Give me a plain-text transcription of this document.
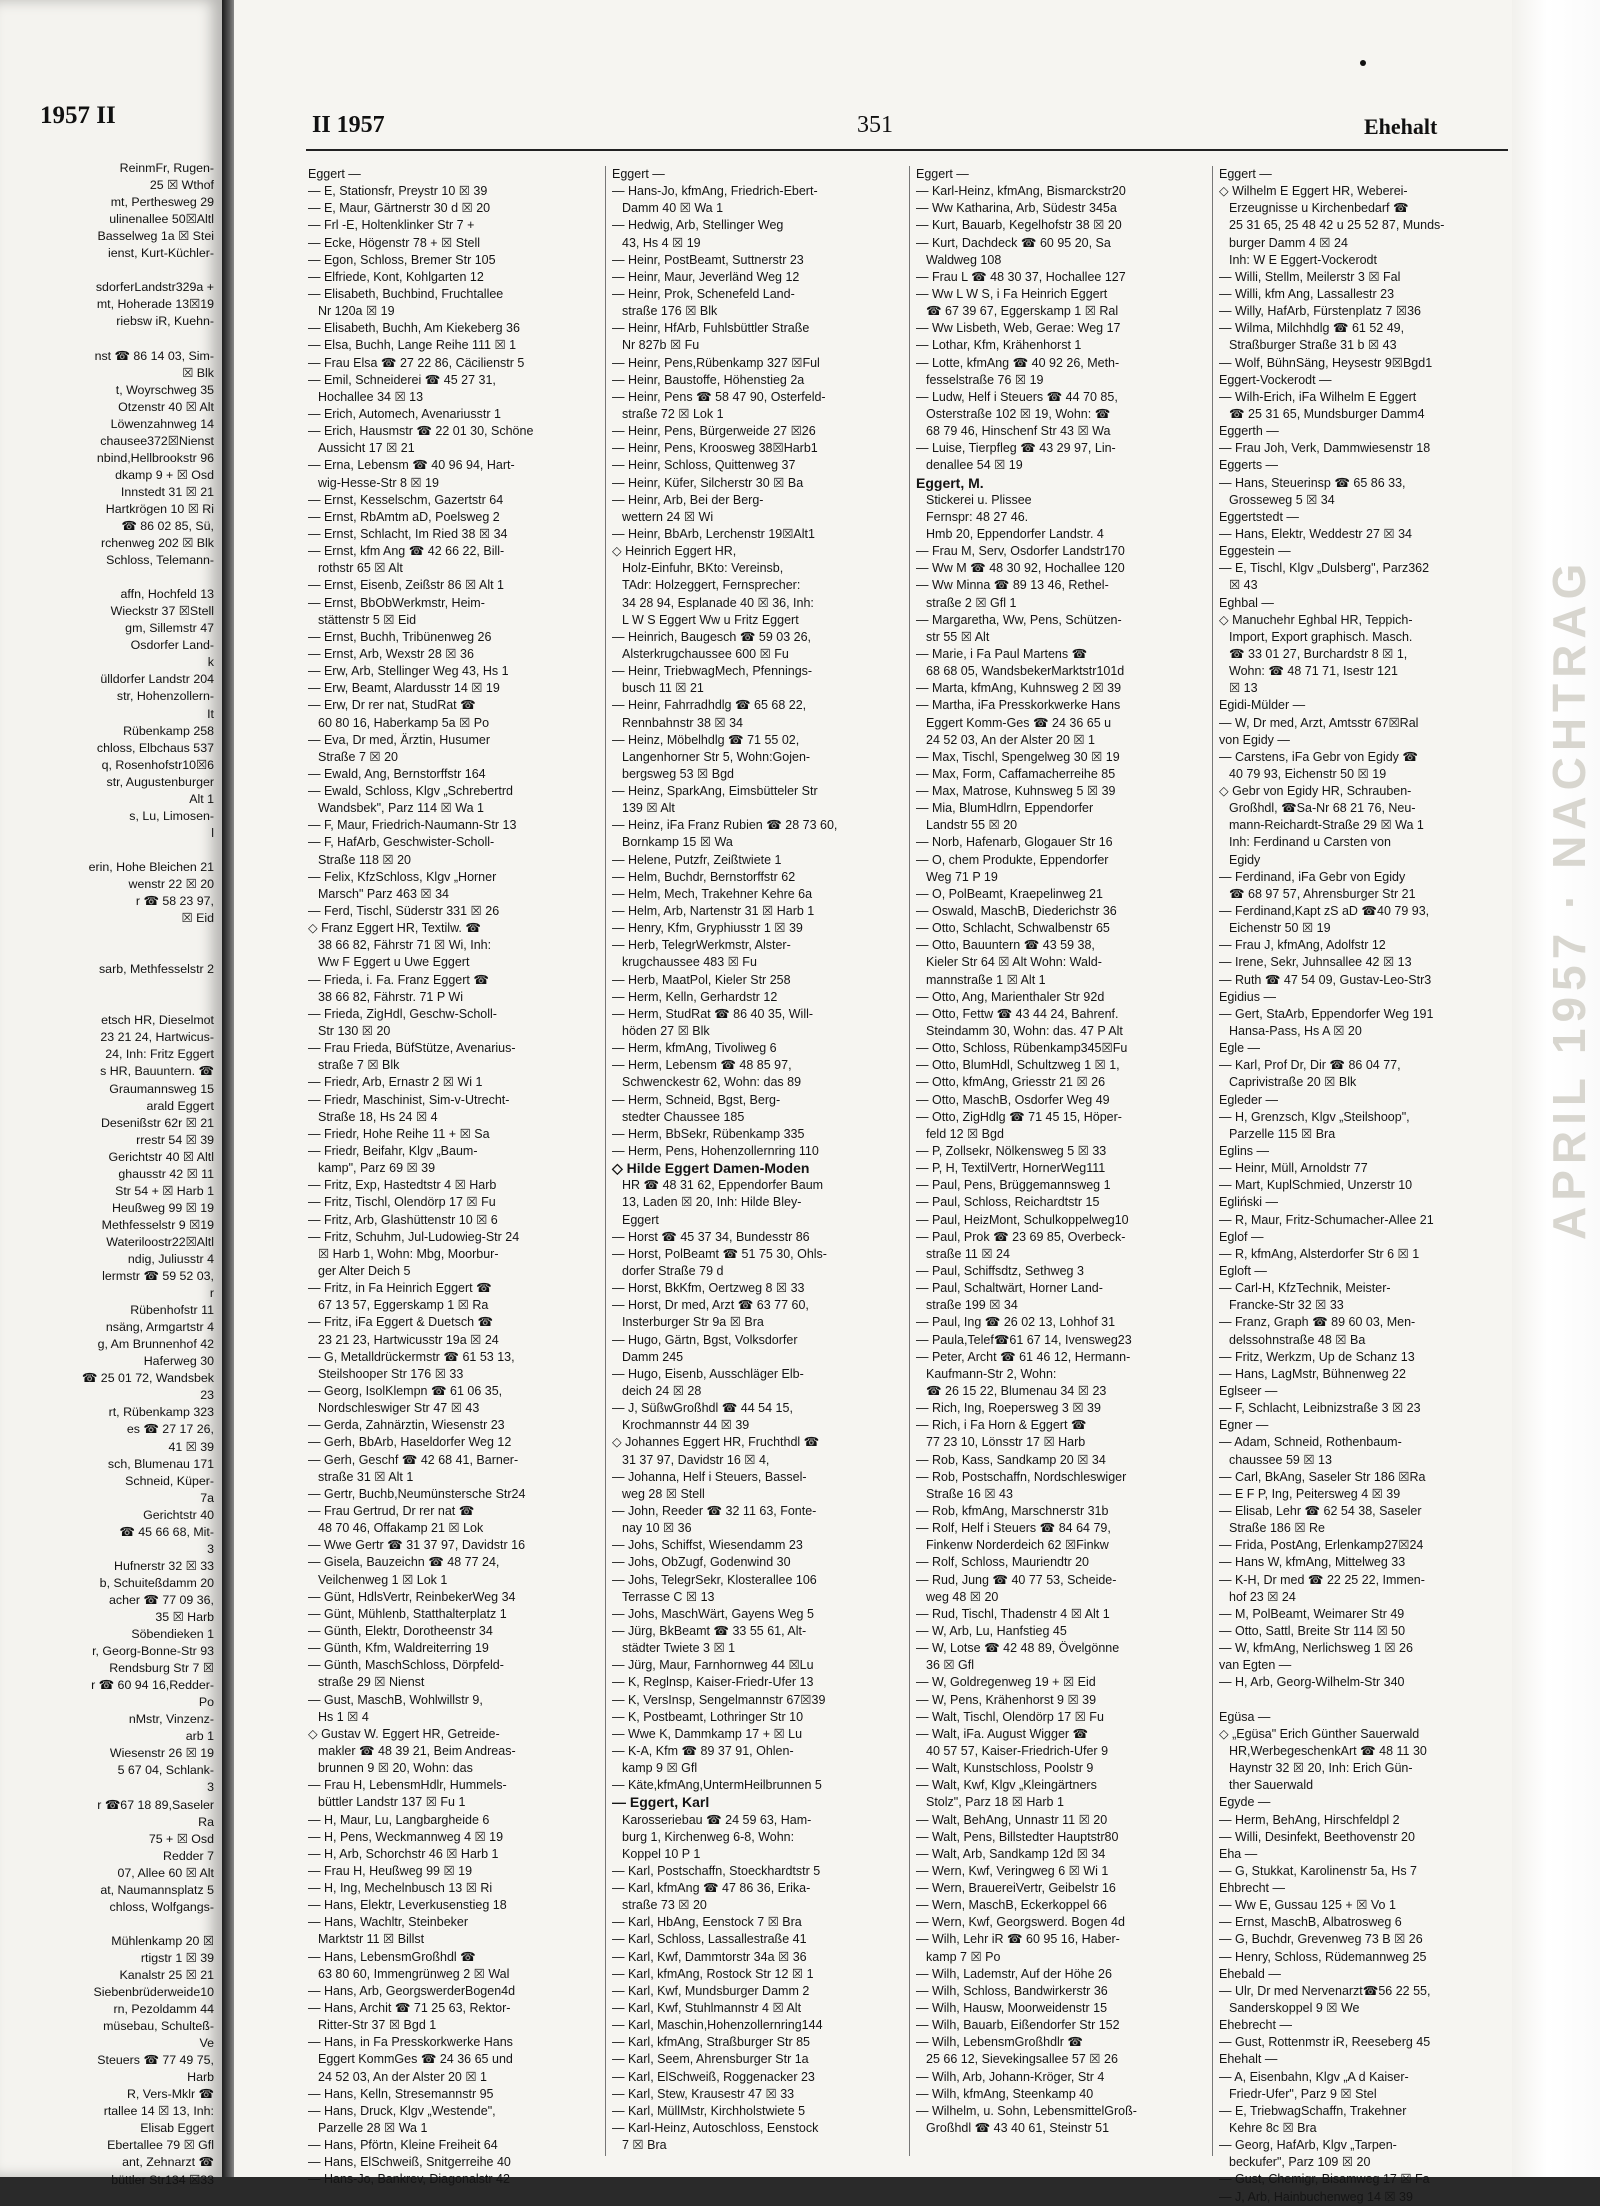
1957 II
ReinmFr, Rugen-
25 ☒ Wthof
mt, Perthesweg 29
ulinenallee 50☒Altl
Basselweg 1a ☒ Stei
ienst, Kurt-Küchler-
sdorferLandstr329a +
mt, Hoherade 13☒19
riebsw iR, Kuehn-
nst ☎ 86 14 03, Sim-
☒ Blk
t, Woyrschweg 35
Otzenstr 40 ☒ Alt
Löwenzahnweg 14
chausee372☒Nienst
nbind,Hellbrookstr 96
dkamp 9 + ☒ Osd
Innstedt 31 ☒ 21
Hartkrögen 10 ☒ Ri
☎ 86 02 85, Sü,
rchenweg 202 ☒ Blk
Schloss, Telemann-
affn, Hochfeld 13
Wieckstr 37 ☒Stell
gm, Sillemstr 47
Osdorfer Land-
k
ülldorfer Landstr 204
str, Hohenzollern-
It
Rübenkamp 258
chloss, Elbchaus 537
q, Rosenhofstr10☒6
str, Augustenburger
Alt 1
s, Lu, Limosen-
l
erin, Hohe Bleichen 21
wenstr 22 ☒ 20
r ☎ 58 23 97,
☒ Eid
sarb, Methfesselstr 2
etsch HR, Dieselmot
23 21 24, Hartwicus-
24, Inh: Fritz Eggert
s HR, Bauuntern. ☎
Graumannsweg 15
arald Eggert
Desenißstr 62r ☒ 21
rrestr 54 ☒ 39
Gerichtstr 40 ☒ Altl
ghausstr 42 ☒ 11
Str 54 + ☒ Harb 1
Heußweg 99 ☒ 19
Methfesselstr 9 ☒19
Wateriloostr22☒Altl
ndig, Juliusstr 4
lermstr ☎ 59 52 03,
r
Rübenhofstr 11
nsäng, Armgartstr 4
g, Am Brunnenhof 42
Haferweg 30
☎ 25 01 72, Wandsbek
23
rt, Rübenkamp 323
es ☎ 27 17 26,
41 ☒ 39
sch, Blumenau 171
Schneid, Küper-
7a
Gerichtstr 40
☎ 45 66 68, Mit-
3
Hufnerstr 32 ☒ 33
b, Schuiteßdamm 20
acher ☎ 77 09 36,
35 ☒ Harb
Söbendieken 1
r, Georg-Bonne-Str 93
Rendsburg Str 7 ☒
r ☎ 60 94 16,Redder-
Po
nMstr, Vinzenz-
arb 1
Wiesenstr 26 ☒ 19
5 67 04, Schlank-
3
r ☎67 18 89,Saseler
Ra
75 + ☒ Osd
Redder 7
07, Allee 60 ☒ Alt
at, Naumannsplatz 5
chloss, Wolfgangs-
Mühlenkamp 20 ☒
rtigstr 1 ☒ 39
Kanalstr 25 ☒ 21
Siebenbrüderweide10
rn, Pezoldamm 44
müsebau, Schulteß-
Ve
Steuers ☎ 77 49 75,
Harb
R, Vers-Mklr ☎
rtallee 14 ☒ 13, Inh:
Elisab Eggert
Ebertallee 79 ☒ Gfl
ant, Zehnarzt ☎
büttler Str134 ☒33
II 1957	351	Ehehalt
Eggert —
— E, Stationsfr, Preystr 10 ☒ 39
— E, Maur, Gärtnerstr 30 d ☒ 20
— Frl -E, Holtenklinker Str 7 +
— Ecke, Högenstr 78 + ☒ Stell
— Egon, Schloss, Bremer Str 105
— Elfriede, Kont, Kohlgarten 12
— Elisabeth, Buchbind, Fruchtallee
Nr 120a ☒ 19
— Elisabeth, Buchh, Am Kiekeberg 36
— Elsa, Buchh, Lange Reihe 111 ☒ 1
— Frau Elsa ☎ 27 22 86, Cäcilienstr 5
— Emil, Schneiderei ☎ 45 27 31,
Hochallee 34 ☒ 13
— Erich, Automech, Avenariusstr 1
— Erich, Hausmstr ☎ 22 01 30, Schöne
Aussicht 17 ☒ 21
— Erna, Lebensm ☎ 40 96 94, Hart-
wig-Hesse-Str 8 ☒ 19
— Ernst, Kesselschm, Gazertstr 64
— Ernst, RbAmtm aD, Poelsweg 2
— Ernst, Schlacht, Im Ried 38 ☒ 34
— Ernst, kfm Ang ☎ 42 66 22, Bill-
rothstr 65 ☒ Alt
— Ernst, Eisenb, Zeißstr 86 ☒ Alt 1
— Ernst, BbObWerkmstr, Heim-
stättenstr 5 ☒ Eid
— Ernst, Buchh, Tribünenweg 26
— Ernst, Arb, Wexstr 28 ☒ 36
— Erw, Arb, Stellinger Weg 43, Hs 1
— Erw, Beamt, Alardusstr 14 ☒ 19
— Erw, Dr rer nat, StudRat ☎
60 80 16, Haberkamp 5a ☒ Po
— Eva, Dr med, Ärztin, Husumer
Straße 7 ☒ 20
— Ewald, Ang, Bernstorffstr 164
— Ewald, Schloss, Klgv „Schrebertrd
Wandsbek", Parz 114 ☒ Wa 1
— F, Maur, Friedrich-Naumann-Str 13
— F, HafArb, Geschwister-Scholl-
Straße 118 ☒ 20
— Felix, KfzSchloss, Klgv „Horner
Marsch" Parz 463 ☒ 34
— Ferd, Tischl, Süderstr 331 ☒ 26
◇ Franz Eggert HR, Textilw. ☎
38 66 82, Fährstr 71 ☒ Wi, Inh:
Ww F Eggert u Uwe Eggert
— Frieda, i. Fa. Franz Eggert ☎
38 66 82, Fährstr. 71 P Wi
— Frieda, ZigHdl, Geschw-Scholl-
Str 130 ☒ 20
— Frau Frieda, BüfStütze, Avenarius-
straße 7 ☒ Blk
— Friedr, Arb, Ernastr 2 ☒ Wi 1
— Friedr, Maschinist, Sim-v-Utrecht-
Straße 18, Hs 24 ☒ 4
— Friedr, Hohe Reihe 11 + ☒ Sa
— Friedr, Beifahr, Klgv „Baum-
kamp", Parz 69 ☒ 39
— Fritz, Exp, Hastedtstr 4 ☒ Harb
— Fritz, Tischl, Olendörp 17 ☒ Fu
— Fritz, Arb, Glashüttenstr 10 ☒ 6
— Fritz, Schuhm, Jul-Ludowieg-Str 24
☒ Harb 1, Wohn: Mbg, Moorbur-
ger Alter Deich 5
— Fritz, in Fa Heinrich Eggert ☎
67 13 57, Eggerskamp 1 ☒ Ra
— Fritz, iFa Eggert & Duetsch ☎
23 21 23, Hartwicusstr 19a ☒ 24
— G, Metalldrückermstr ☎ 61 53 13,
Steilshooper Str 176 ☒ 33
— Georg, IsolKlempn ☎ 61 06 35,
Nordschleswiger Str 47 ☒ 43
— Gerda, Zahnärztin, Wiesenstr 23
— Gerh, BbArb, Haseldorfer Weg 12
— Gerh, Geschf ☎ 42 68 41, Barner-
straße 31 ☒ Alt 1
— Gertr, Buchb,Neumünsterschе Str24
— Frau Gertrud, Dr rer nat ☎
48 70 46, Offakamp 21 ☒ Lok
— Wwe Gertr ☎ 31 37 97, Davidstr 16
— Gisela, Bauzeichn ☎ 48 77 24,
Veilchenweg 1 ☒ Lok 1
— Günt, HdlsVertr, ReinbekerWeg 34
— Günt, Mühlenb, Statthalterplatz 1
— Günth, Elektr, Dorotheenstr 34
— Günth, Kfm, Waldreiterring 19
— Günth, MaschSchloss, Dörpfeld-
straße 29 ☒ Nienst
— Gust, MaschB, Wohlwillstr 9,
Hs 1 ☒ 4
◇ Gustav W. Eggert HR, Getreide-
makler ☎ 48 39 21, Beim Andreas-
brunnen 9 ☒ 20, Wohn: das
— Frau H, LebensmHdlr, Hummels-
büttler Landstr 137 ☒ Fu 1
— H, Maur, Lu, Langbargheide 6
— H, Pens, Weckmannweg 4 ☒ 19
— H, Arb, Schorchstr 46 ☒ Harb 1
— Frau H, Heußweg 99 ☒ 19
— H, Ing, Mechelnbusch 13 ☒ Ri
— Hans, Elektr, Leverkusenstieg 18
— Hans, Wachltr, Steinbeker
Marktstr 11 ☒ Billst
— Hans, LebensmGroßhdl ☎
63 80 60, Immengrünweg 2 ☒ Wal
— Hans, Arb, GeorgswerderBogen4d
— Hans, Archit ☎ 71 25 63, Rektor-
Ritter-Str 37 ☒ Bgd 1
— Hans, in Fa Presskorkwerke Hans
Eggert KommGes ☎ 24 36 65 und
24 52 03, An der Alster 20 ☒ 1
— Hans, Kelln, Stresemannstr 95
— Hans, Druck, Klgv „Westende",
Parzelle 28 ☒ Wa 1
— Hans, Pförtn, Kleine Freiheit 64
— Hans, ElSchweiß, Snitgerreihe 40
— Hans-Jo, Bankrev, Diagonalstr 42
Eggert —
— Hans-Jo, kfmAng, Friedrich-Ebert-
Damm 40 ☒ Wa 1
— Hedwig, Arb, Stellinger Weg
43, Hs 4 ☒ 19
— Heinr, PostBeamt, Suttnerstr 23
— Heinr, Maur, Jeverländ Weg 12
— Heinr, Prok, Schenefeld Land-
straße 176 ☒ Blk
— Heinr, HfArb, Fuhlsbüttler Straße
Nr 827b ☒ Fu
— Heinr, Pens,Rübenkamp 327 ☒Ful
— Heinr, Baustoffe, Höhenstieg 2a
— Heinr, Pens ☎ 58 47 90, Osterfeld-
straße 72 ☒ Lok 1
— Heinr, Pens, Bürgerweide 27 ☒26
— Heinr, Pens, Kroosweg 38☒Harb1
— Heinr, Schloss, Quittenweg 37
— Heinr, Küfer, Silcherstr 30 ☒ Ba
— Heinr, Arb, Bei der Berg-
wettern 24 ☒ Wi
— Heinr, BbArb, Lerchenstr 19☒Alt1
◇ Heinrich Eggert HR,
Holz-Einfuhr, BKto: Vereinsb,
TAdr: Holzeggert, Fernsprecher:
34 28 94, Esplanade 40 ☒ 36, Inh:
L W S Eggert Ww u Fritz Eggert
— Heinrich, Baugesch ☎ 59 03 26,
Alsterkrugchaussee 600 ☒ Fu
— Heinr, TriebwagMech, Pfennings-
busch 11 ☒ 21
— Heinr, Fahrradhdlg ☎ 65 68 22,
Rennbahnstr 38 ☒ 34
— Heinz, Möbelhdlg ☎ 71 55 02,
Langenhorner Str 5, Wohn:Gojen-
bergsweg 53 ☒ Bgd
— Heinz, SparkAng, Eimsbütteler Str
139 ☒ Alt
— Heinz, iFa Franz Rubien ☎ 28 73 60,
Bornkamp 15 ☒ Wa
— Helene, Putzfr, Zeißtwiete 1
— Helm, Buchdr, Bernstorffstr 62
— Helm, Mech, Trakehner Kehre 6a
— Helm, Arb, Nartenstr 31 ☒ Harb 1
— Henry, Kfm, Gryphiusstr 1 ☒ 39
— Herb, TelegrWerkmstr, Alster-
krugchaussee 483 ☒ Fu
— Herb, MaatPol, Kieler Str 258
— Herm, Kelln, Gerhardstr 12
— Herm, StudRat ☎ 86 40 35, Will-
höden 27 ☒ Blk
— Herm, kfmAng, Tivoliweg 6
— Herm, Lebensm ☎ 48 85 97,
Schwenckestr 62, Wohn: das 89
— Herm, Schneid, Bgst, Berg-
stedter Chaussee 185
— Herm, BbSekr, Rübenkamp 335
— Herm, Pens, Hohenzollernring 110
◇ Hilde Eggert Damen-Moden
HR ☎ 48 31 62, Eppendorfer Baum
13, Laden ☒ 20, Inh: Hilde Bley-
Eggert
— Horst ☎ 45 37 34, Bundesstr 86
— Horst, PolBeamt ☎ 51 75 30, Ohls-
dorfer Straße 79 d
— Horst, BkKfm, Oertzweg 8 ☒ 33
— Horst, Dr med, Arzt ☎ 63 77 60,
Insterburger Str 9a ☒ Bra
— Hugo, Gärtn, Bgst, Volksdorfer
Damm 245
— Hugo, Eisenb, Ausschläger Elb-
deich 24 ☒ 28
— J, SüßwGroßhdl ☎ 44 54 15,
Krochmannstr 44 ☒ 39
◇ Johannes Eggert HR, Fruchthdl ☎
31 37 97, Davidstr 16 ☒ 4,
— Johanna, Helf i Steuers, Bassel-
weg 28 ☒ Stell
— John, Reeder ☎ 32 11 63, Fonte-
nay 10 ☒ 36
— Johs, Schiffst, Wiesendamm 23
— Johs, ObZugf, Godenwind 30
— Johs, TelegrSekr, Klosterallee 106
Terrasse C ☒ 13
— Johs, MaschWärt, Gayens Weg 5
— Jürg, BkBeamt ☎ 33 55 61, Alt-
städter Twiete 3 ☒ 1
— Jürg, Maur, Farnhornweg 44 ☒Lu
— K, Reglnsp, Kaiser-Friedr-Ufer 13
— K, VersInsp, Sengelmannstr 67☒39
— K, Postbeamt, Lothringer Str 10
— Wwe K, Dammkamp 17 + ☒ Lu
— K-A, Kfm ☎ 89 37 91, Ohlen-
kamp 9 ☒ Gfl
— Käte,kfmAng,UntermHeilbrunnen 5
— Eggert, Karl
Karosseriebau ☎ 24 59 63, Ham-
burg 1, Kirchenweg 6-8, Wohn:
Koppel 10 P 1
— Karl, Postschaffn, Stoeckhardtstr 5
— Karl, kfmAng ☎ 47 86 36, Erika-
straße 73 ☒ 20
— Karl, HbAng, Eenstock 7 ☒ Bra
— Karl, Schloss, Lassallestraße 41
— Karl, Kwf, Dammtorstr 34a ☒ 36
— Karl, kfmAng, Rostock Str 12 ☒ 1
— Karl, Kwf, Mundsburger Damm 2
— Karl, Kwf, Stuhlmannstr 4 ☒ Alt
— Karl, Maschin,Hohenzollernring144
— Karl, kfmAng, Straßburger Str 85
— Karl, Seem, Ahrensburger Str 1a
— Karl, ElSchweiß, Roggenacker 23
— Karl, Stew, Krausestr 47 ☒ 33
— Karl, MüllMstr, Kirchholstwiete 5
— Karl-Heinz, Autoschloss, Eenstock
7 ☒ Bra
Eggert —
— Karl-Heinz, kfmAng, Bismarckstr20
— Ww Katharina, Arb, Südestr 345a
— Kurt, Bauarb, Kegelhofstr 38 ☒ 20
— Kurt, Dachdeck ☎ 60 95 20, Sa
Waldweg 108
— Frau L ☎ 48 30 37, Hochallee 127
— Ww L W S, i Fa Heinrich Eggert
☎ 67 39 67, Eggerskamp 1 ☒ Ral
— Ww Lisbeth, Web, Gerae: Weg 17
— Lothar, Kfm, Krähenhorst 1
— Lotte, kfmAng ☎ 40 92 26, Meth-
fesselstraße 76 ☒ 19
— Ludw, Helf i Steuers ☎ 44 70 85,
Osterstraße 102 ☒ 19, Wohn: ☎
68 79 46, Hinschenf Str 43 ☒ Wa
— Luise, Tierpfleg ☎ 43 29 97, Lin-
denallee 54 ☒ 19
Eggert, M.
Stickerei u. Plissee
Fernspr: 48 27 46.
Hmb 20, Eppendorfer Landstr. 4
— Frau M, Serv, Osdorfer Landstr170
— Ww M ☎ 48 30 92, Hochallee 120
— Ww Minna ☎ 89 13 46, Rethel-
straße 2 ☒ Gfl 1
— Margaretha, Ww, Pens, Schützen-
str 55 ☒ Alt
— Marie, i Fa Paul Martens ☎
68 68 05, WandsbekerMarktstr101d
— Marta, kfmAng, Kuhnsweg 2 ☒ 39
— Martha, iFa Presskorkwerke Hans
Eggert Komm-Ges ☎ 24 36 65 u
24 52 03, An der Alster 20 ☒ 1
— Max, Tischl, Spengelweg 30 ☒ 19
— Max, Form, Caffamacherreihe 85
— Max, Matrose, Kuhnsweg 5 ☒ 39
— Mia, BlumHdlrn, Eppendorfer
Landstr 55 ☒ 20
— Norb, Hafenarb, Glogauer Str 16
— O, chem Produkte, Eppendorfer
Weg 71 P 19
— O, PolBeamt, Kraepelinweg 21
— Oswald, MaschB, Diederichstr 36
— Otto, Schlacht, Schwalbenstr 65
— Otto, Bauuntern ☎ 43 59 38,
Kieler Str 64 ☒ Alt Wohn: Wald-
mannstraße 1 ☒ Alt 1
— Otto, Ang, Marienthaler Str 92d
— Otto, Fettw ☎ 43 44 24, Bahrenf.
Steindamm 30, Wohn: das. 47 P Alt
— Otto, Schloss, Rübenkamp345☒Fu
— Otto, BlumHdl, Schultzweg 1 ☒ 1,
— Otto, kfmAng, Griesstr 21 ☒ 26
— Otto, MaschB, Osdorfer Weg 49
— Otto, ZigHdlg ☎ 71 45 15, Höper-
feld 12 ☒ Bgd
— P, Zollsekr, Nölkensweg 5 ☒ 33
— P, H, TextilVertr, HornerWeg111
— Paul, Pens, Brüggemannsweg 1
— Paul, Schloss, Reichardtstr 15
— Paul, HeizMont, Schulkoppelweg10
— Paul, Prok ☎ 23 69 85, Overbeck-
straße 11 ☒ 24
— Paul, Schiffsdtz, Sethweg 3
— Paul, Schaltwärt, Horner Land-
straße 199 ☒ 34
— Paul, Ing ☎ 26 02 13, Lohhof 31
— Paula,Telef☎61 67 14, Ivensweg23
— Peter, Archt ☎ 61 46 12, Hermann-
Kaufmann-Str 2, Wohn:
☎ 26 15 22, Blumenau 34 ☒ 23
— Rich, Ing, Roepersweg 3 ☒ 39
— Rich, i Fa Horn & Eggert ☎
77 23 10, Lönsstr 17 ☒ Harb
— Rob, Kass, Sandkamp 20 ☒ 34
— Rob, Postschaffn, Nordschleswiger
Straße 16 ☒ 43
— Rob, kfmAng, Marschnerstr 31b
— Rolf, Helf i Steuers ☎ 84 64 79,
Finkenw Norderdeich 62 ☒Finkw
— Rolf, Schloss, Mauriendtr 20
— Rud, Jung ☎ 40 77 53, Scheide-
weg 48 ☒ 20
— Rud, Tischl, Thadenstr 4 ☒ Alt 1
— W, Arb, Lu, Hanfstieg 45
— W, Lotse ☎ 42 48 89, Övelgönne
36 ☒ Gfl
— W, Goldregenweg 19 + ☒ Eid
— W, Pens, Krähenhorst 9 ☒ 39
— Walt, Tischl, Olendörp 17 ☒ Fu
— Walt, iFa. August Wigger ☎
40 57 57, Kaiser-Friedrich-Ufer 9
— Walt, Kunstschloss, Poolstr 9
— Walt, Kwf, Klgv „Kleingärtners
Stolz", Parz 18 ☒ Harb 1
— Walt, BehAng, Unnastr 11 ☒ 20
— Walt, Pens, Billstedter Hauptstr80
— Walt, Arb, Sandkamp 12d ☒ 34
— Wern, Kwf, Veringweg 6 ☒ Wi 1
— Wern, BrauereiVertr, Geibelstr 16
— Wern, MaschB, Eckerkoppel 66
— Wern, Kwf, Georgswerd. Bogen 4d
— Wilh, Lehr iR ☎ 60 95 16, Haber-
kamp 7 ☒ Po
— Wilh, Lademstr, Auf der Höhe 26
— Wilh, Schloss, Bandwirkerstr 36
— Wilh, Hausw, Moorweidenstr 15
— Wilh, Bauarb, Eißendorfer Str 152
— Wilh, LebensmGroßhdlr ☎
25 66 12, Sievekingsallee 57 ☒ 26
— Wilh, Arb, Johann-Kröger, Str 4
— Wilh, kfmAng, Steenkamp 40
— Wilhelm, u. Sohn, LebensmittelGroß-
Großhdl ☎ 43 40 61, Steinstr 51
Eggert —
◇ Wilhelm E Eggert HR, Weberei-
Erzeugnisse u Kirchenbedarf ☎
25 31 65, 25 48 42 u 25 52 87, Munds-
burger Damm 4 ☒ 24
Inh: W E Eggert-Vockerodt
— Willi, Stellm, Meilerstr 3 ☒ Fal
— Willi, kfm Ang, Lassallestr 23
— Willy, HafArb, Fürstenplatz 7 ☒36
— Wilma, Milchhdlg ☎ 61 52 49,
Straßburger Straße 31 b ☒ 43
— Wolf, BühnSäng, Heysestr 9☒Bgd1
Eggert-Vockerodt —
— Wilh-Erich, iFa Wilhelm E Eggert
☎ 25 31 65, Mundsburger Damm4
Eggerth —
— Frau Joh, Verk, Dammwiesenstr 18
Eggerts —
— Hans, Steuerinsp ☎ 65 86 33,
Grosseweg 5 ☒ 34
Eggertstedt —
— Hans, Elektr, Weddestr 27 ☒ 34
Eggestein —
— E, Tischl, Klgv „Dulsberg", Parz362
☒ 43
Eghbal —
◇ Manuchehr Eghbal HR, Teppich-
Import, Export graphisch. Masch.
☎ 33 01 27, Burchardstr 8 ☒ 1,
Wohn: ☎ 48 71 71, Isestr 121
☒ 13
Egidi-Mülder —
— W, Dr med, Arzt, Amtsstr 67☒Ral
von Egidy —
— Carstens, iFa Gebr von Egidy ☎
40 79 93, Eichenstr 50 ☒ 19
◇ Gebr von Egidy HR, Schrauben-
Großhdl, ☎Sa-Nr 68 21 76, Neu-
mann-Reichardt-Straße 29 ☒ Wa 1
Inh: Ferdinand u Carsten von
Egidy
— Ferdinand, iFa Gebr von Egidy
☎ 68 97 57, Ahrensburger Str 21
— Ferdinand,Kapt zS aD ☎40 79 93,
Eichenstr 50 ☒ 19
— Frau J, kfmAng, Adolfstr 12
— Irene, Sekr, Juhnsallee 42 ☒ 13
— Ruth ☎ 47 54 09, Gustav-Leo-Str3
Egidius —
— Gert, StaArb, Eppendorfer Weg 191
Hansa-Pass, Hs A ☒ 20
Egle —
— Karl, Prof Dr, Dir ☎ 86 04 77,
Caprivistraße 20 ☒ Blk
Egleder —
— H, Grenzsch, Klgv „Steilshoop",
Parzelle 115 ☒ Bra
Eglins —
— Heinr, Müll, Arnoldstr 77
— Mart, KuplSchmied, Unzerstr 10
Egliński —
— R, Maur, Fritz-Schumacher-Allee 21
Eglof —
— R, kfmAng, Alsterdorfer Str 6 ☒ 1
Egloft —
— Carl-H, KfzTechnik, Meister-
Francke-Str 32 ☒ 33
— Franz, Graph ☎ 89 60 03, Men-
delssohnstraße 48 ☒ Ba
— Fritz, Werkzm, Up de Schanz 13
— Hans, LagMstr, Bühnenweg 22
Eglseer —
— F, Schlacht, Leibnizstraße 3 ☒ 23
Egner —
— Adam, Schneid, Rothenbaum-
chaussee 59 ☒ 13
— Carl, BkAng, Saseler Str 186 ☒Ra
— E F P, Ing, Peitersweg 4 ☒ 39
— Elisab, Lehr ☎ 62 54 38, Saseler
Straße 186 ☒ Re
— Frida, PostAng, Erlenkamp27☒24
— Hans W, kfmAng, Mittelweg 33
— K-H, Dr med ☎ 22 25 22, Immen-
hof 23 ☒ 24
— M, PolBeamt, Weimarer Str 49
— Otto, Sattl, Breite Str 114 ☒ 50
— W, kfmAng, Nerlichsweg 1 ☒ 26
van Egten —
— H, Arb, Georg-Wilhelm-Str 340
Egüsa —
◇ „Egüsa" Erich Günther Sauerwald
HR,WerbegeschenkArt ☎ 48 11 30
Haynstr 32 ☒ 20, Inh: Erich Gün-
ther Sauerwald
Egyde —
— Herm, BehAng, Hirschfeldpl 2
— Willi, Desinfekt, Beethovenstr 20
Eha —
— G, Stukkat, Karolinenstr 5a, Hs 7
Ehbrecht —
— Ww E, Gussau 125 + ☒ Vo 1
— Ernst, MaschB, Albatrosweg 6
— G, Buchdr, Grevenweg 73 B ☒ 26
— Henry, Schloss, Rüdemannweg 25
Ehebald —
— Ulr, Dr med Nervenarzt☎56 22 55,
Sanderskoppel 9 ☒ We
Ehebrecht —
— Gust, Rottenmstr iR, Reeseberg 45
Ehehalt —
— A, Eisenbahn, Klgv „A d Kaiser-
Friedr-Ufer", Parz 9 ☒ Stel
— E, TriebwagSchaffn, Trakehner
Kehre 8c ☒ Bra
— Georg, HafArb, Klgv „Tarpen-
beckufer", Parz 109 ☒ 20
— Gust, Chemigr, Bisamweg 17 ☒ Fa
— J, Arb, Hainbuchenweg 14 ☒ 39
APRIL 1957 · NACHTRAG
